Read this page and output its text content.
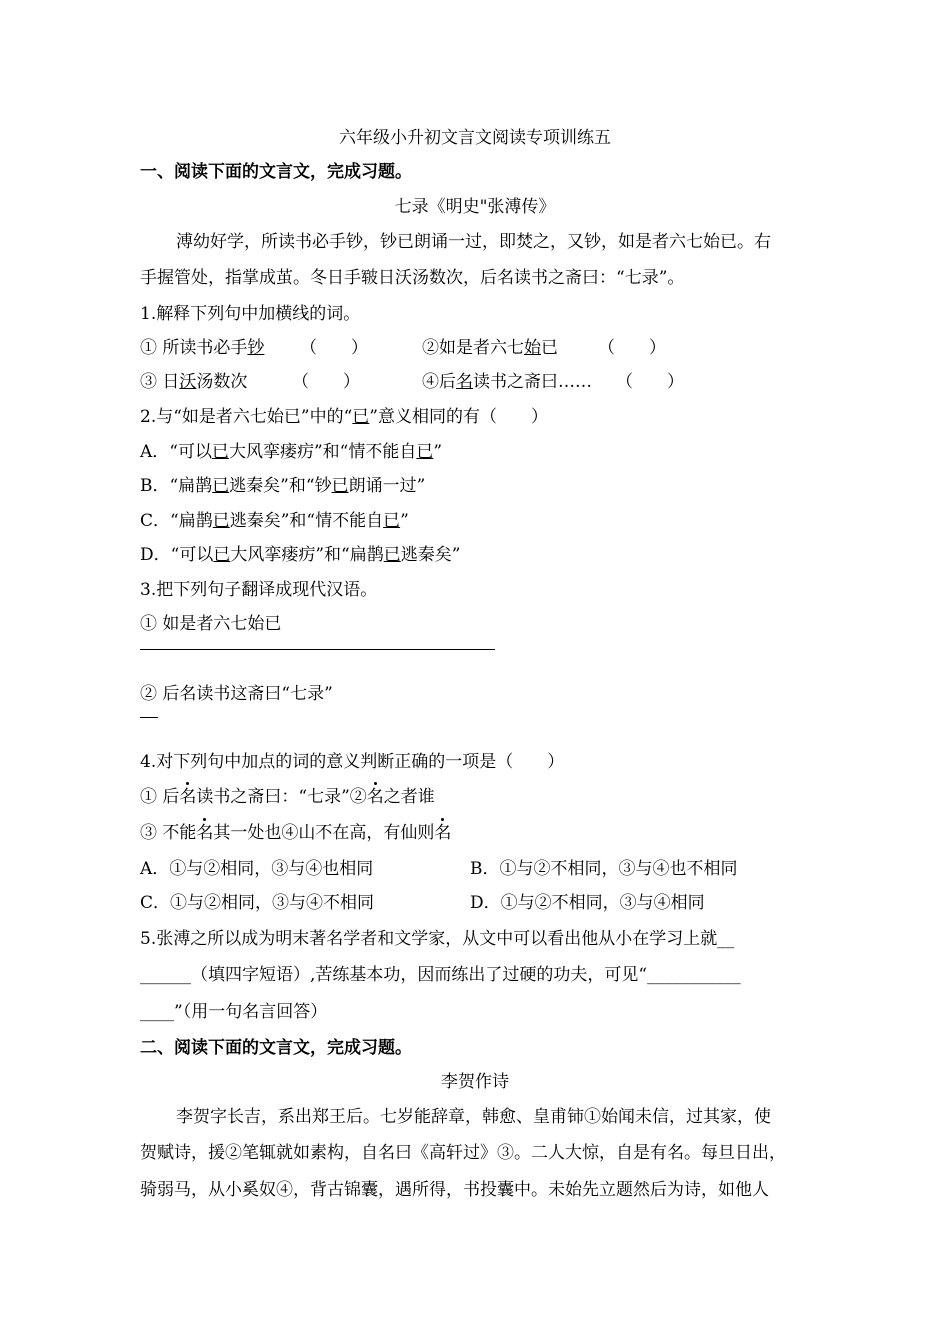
六年级小升初文言文阅读专项训练五
一、阅读下面的文言文，完成习题。
七录《明史"张溥传》
溥幼好学，所读书必手钞，钞已朗诵一过，即焚之，又钞，如是者六七始已。右
手握管处，指掌成茧。冬日手皲日沃汤数次，后名读书之斋曰：“七录”。
1.解释下列句中加横线的词。
① 所读书必手钞 （　　）	②如是者六七始已 （　　）
③ 日沃汤数次	（　　）	④后名读书之斋曰…… （　　）
2.与“如是者六七始已”中的“已”意义相同的有（　　）
A．“可以已大风挛瘘疠”和“情不能自已”
B．“扁鹊已逃秦矣”和“钞已朗诵一过”
C．“扁鹊已逃秦矣”和“情不能自已”
D．“可以已大风挛瘘疠”和“扁鹊已逃秦矣”
3.把下列句子翻译成现代汉语。
① 如是者六七始已
② 后名读书这斋曰“七录”
4.对下列句中加点的词的意义判断正确的一项是（　　）
① 后名读书之斋曰：“七录”②名之者谁
③ 不能名其一处也④山不在高，有仙则名
A．①与②相同，③与④也相同	B．①与②不相同，③与④也不相同
C．①与②相同，③与④不相同	D．①与②不相同，③与④相同
5.张溥之所以成为明末著名学者和文学家，从文中可以看出他从小在学习上就__
______（填四字短语）,苦练基本功，因而练出了过硬的功夫，可见“___________
____”（用一句名言回答）
二、阅读下面的文言文，完成习题。
李贺作诗
李贺字长吉，系出郑王后。七岁能辞章，韩愈、皇甫铈①始闻未信，过其家，使
贺赋诗，援②笔辄就如素构，自名曰《高轩过》③。二人大惊，自是有名。每旦日出，
骑弱马，从小奚奴④，背古锦囊，遇所得，书投囊中。未始先立题然后为诗，如他人
